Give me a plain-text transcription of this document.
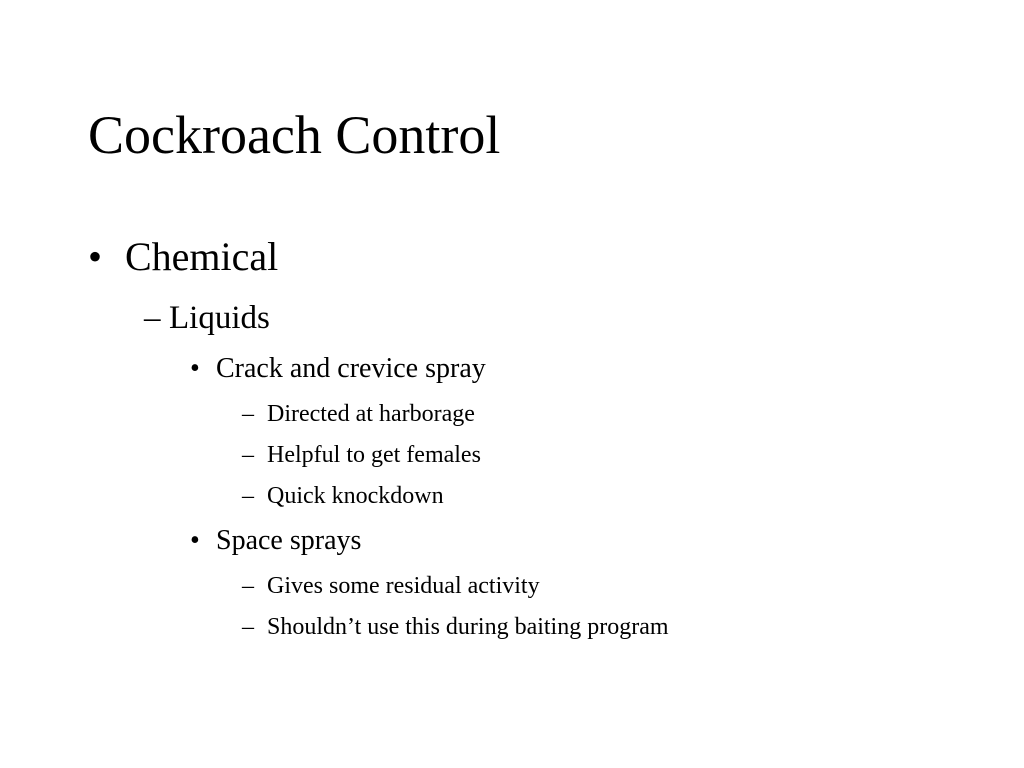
Cockroach Control
• Chemical
– Liquids
• Crack and crevice spray
– Directed at harborage
– Helpful to get females
– Quick knockdown
• Space sprays
– Gives some residual activity
– Shouldn’t use this during baiting program
